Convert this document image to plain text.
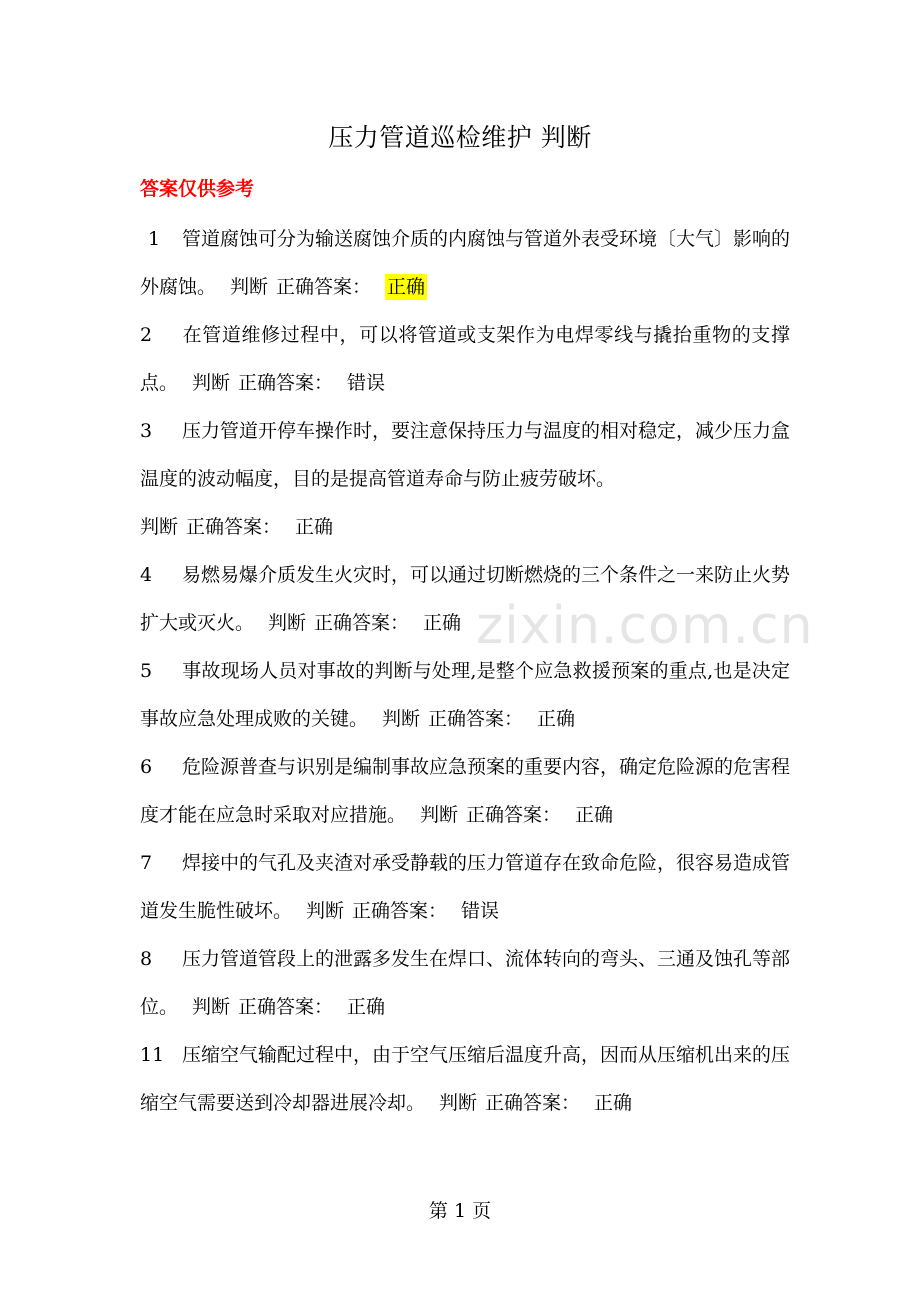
压力管道巡检维护 判断
答案仅供参考

1 管道腐蚀可分为输送腐蚀介质的内腐蚀与管道外表受环境〔大气〕影响的外腐蚀。 判断 正确答案： 正确

2 在管道维修过程中，可以将管道或支架作为电焊零线与撬抬重物的支撑点。 判断 正确答案： 错误

3 压力管道开停车操作时，要注意保持压力与温度的相对稳定，减少压力盒温度的波动幅度，目的是提高管道寿命与防止疲劳破坏。
判断 正确答案： 正确

4 易燃易爆介质发生火灾时，可以通过切断燃烧的三个条件之一来防止火势扩大或灭火。 判断 正确答案： 正确

5 事故现场人员对事故的判断与处理,是整个应急救援预案的重点,也是决定事故应急处理成败的关键。 判断 正确答案： 正确

6 危险源普查与识别是编制事故应急预案的重要内容，确定危险源的危害程度才能在应急时采取对应措施。 判断 正确答案： 正确

7 焊接中的气孔及夹渣对承受静载的压力管道存在致命危险，很容易造成管道发生脆性破坏。 判断 正确答案： 错误

8 压力管道管段上的泄露多发生在焊口、流体转向的弯头、三通及蚀孔等部位。 判断 正确答案： 正确

11 压缩空气输配过程中，由于空气压缩后温度升高，因而从压缩机出来的压缩空气需要送到冷却器进展冷却。 判断 正确答案： 正确

zixin.com.cn
第 1 页
